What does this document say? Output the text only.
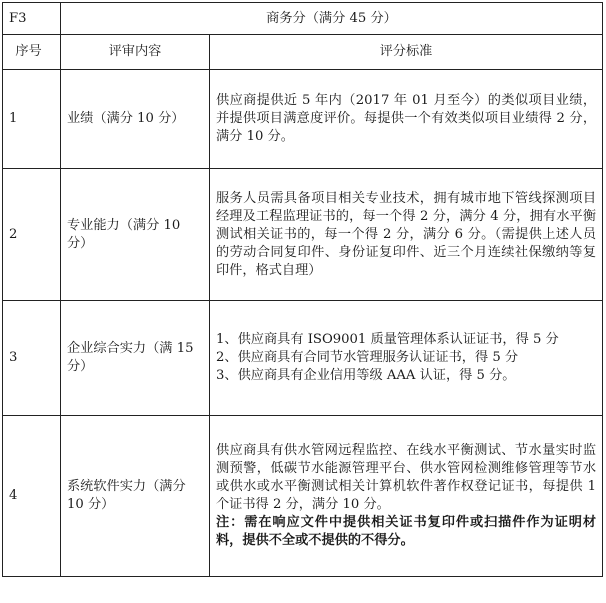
F3	商务分（满分 45 分）	
序号	评审内容	评分标准
1	业绩（满分 10 分）	供应商提供近 5 年内（2017 年 01 月至今）的类似项目业绩，并提供项目满意度评价。每提供一个有效类似项目业绩得 2 分，满分 10 分。

2	专业能力（满分 10 分）	服务人员需具备项目相关专业技术，拥有城市地下管线探测项目经理及工程监理证书的，每一个得 2 分，满分 4 分，拥有水平衡测试相关证书的，每一个得 2 分，满分 6 分。（需提供上述人员的劳动合同复印件、身份证复印件、近三个月连续社保缴纳等复印件，格式自理）

3	企业综合实力（满 15 分）	1、供应商具有 ISO9001 质量管理体系认证证书，得 5 分

2、供应商具有合同节水管理服务认证证书，得 5 分

3、供应商具有企业信用等级 AAA 认证，得 5 分。

4	系统软件实力（满分 10 分）	供应商具有供水管网远程监控、在线水平衡测试、节水量实时监测预警，低碳节水能源管理平台、供水管网检测维修管理等节水或供水或水平衡测试相关计算机软件著作权登记证书，每提供 1 个证书得 2 分，满分 10 分。

注：需在响应文件中提供相关证书复印件或扫描件作为证明材料，提供不全或不提供的不得分。
